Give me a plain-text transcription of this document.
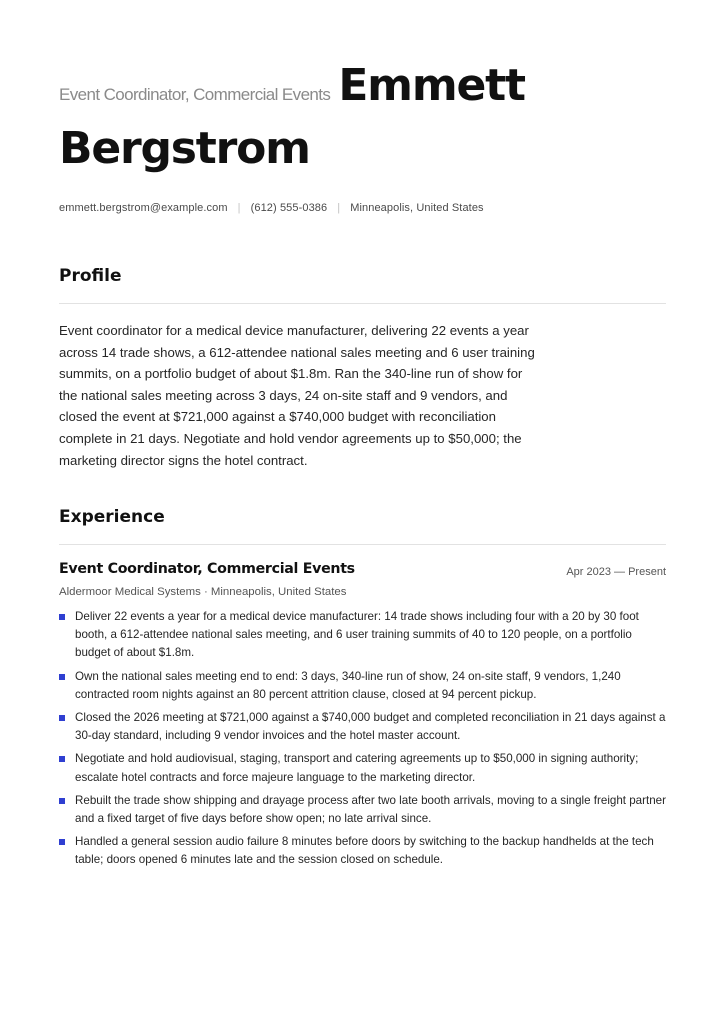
Event Coordinator, Commercial Events Emmett
Bergstrom
emmett.bergstrom@example.com | (612) 555-0386 | Minneapolis, United States
Profile

Event coordinator for a medical device manufacturer, delivering 22 events a year across 14 trade shows, a 612-attendee national sales meeting and 6 user training summits, on a portfolio budget of about $1.8m. Ran the 340-line run of show for the national sales meeting across 3 days, 24 on-site staff and 9 vendors, and closed the event at $721,000 against a $740,000 budget with reconciliation complete in 21 days. Negotiate and hold vendor agreements up to $50,000; the marketing director signs the hotel contract.

Experience
Event Coordinator, Commercial Events	Apr 2023 — Present
Aldermoor Medical Systems · Minneapolis, United States
Deliver 22 events a year for a medical device manufacturer: 14 trade shows including four with a 20 by 30 foot booth, a 612-attendee national sales meeting, and 6 user training summits of 40 to 120 people, on a portfolio budget of about $1.8m.
Own the national sales meeting end to end: 3 days, 340-line run of show, 24 on-site staff, 9 vendors, 1,240 contracted room nights against an 80 percent attrition clause, closed at 94 percent pickup.
Closed the 2026 meeting at $721,000 against a $740,000 budget and completed reconciliation in 21 days against a 30-day standard, including 9 vendor invoices and the hotel master account.
Negotiate and hold audiovisual, staging, transport and catering agreements up to $50,000 in signing authority; escalate hotel contracts and force majeure language to the marketing director.
Rebuilt the trade show shipping and drayage process after two late booth arrivals, moving to a single freight partner and a fixed target of five days before show open; no late arrival since.
Handled a general session audio failure 8 minutes before doors by switching to the backup handhelds at the tech table; doors opened 6 minutes late and the session closed on schedule.
